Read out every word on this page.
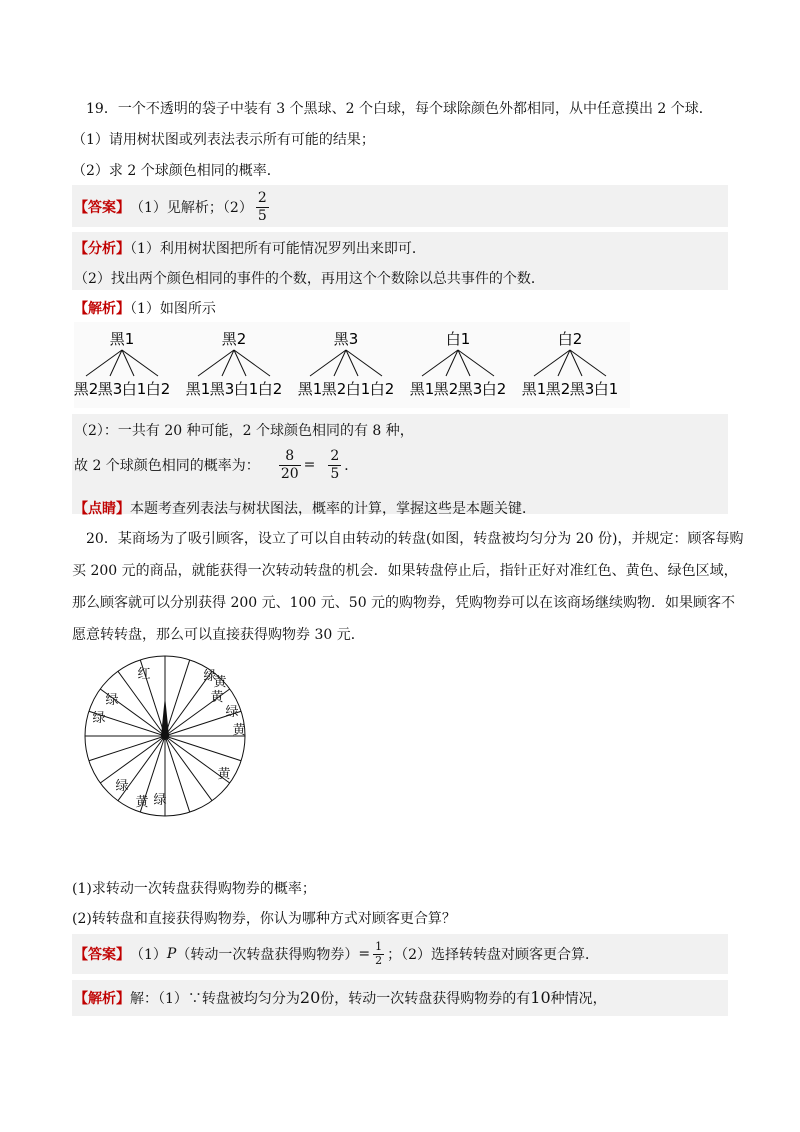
19．一个不透明的袋子中装有 3 个黑球、2 个白球，每个球除颜色外都相同，从中任意摸出 2 个球．
（1）请用树状图或列表法表示所有可能的结果；
（2）求 2 个球颜色相同的概率．
【答案】 （1）见解析；$(2) \frac{2}{5}$
【分析】（1）利用树状图把所有可能情况罗列出来即可．
（2）找出两个颜色相同的事件的个数，再用这个个数除以总共事件的个数．
【解析】（1）如图所示
黑1
黑2 黑3 白1 白2
黑2
黑1 黑3 白1 白2
黑3
黑1 黑2 白1 白2
白1
黑1 黑2 黑3 白2
白2
黑1 黑2 黑3 白1
（2）：一共有 20 种可能，2 个球颜色相同的有 8 种，
故 2 个球颜色相同的概率为： $\frac{8}{20} = \frac{2}{5}$ ．
【点睛】本题考查列表法与树状图法，概率的计算，掌握这些是本题关键．
20．某商场为了吸引顾客，设立了可以自由转动的转盘(如图，转盘被均匀分为 20 份)，并规定：顾客每购
买 200 元的商品，就能获得一次转动转盘的机会．如果转盘停止后，指针正好对准红色、黄色、绿色区域，
那么顾客就可以分别获得 200 元、100 元、50 元的购物券，凭购物券可以在该商场继续购物．如果顾客不
愿意转转盘，那么可以直接获得购物券 30 元．
红
绿	黄
绿
黄
黄
绿
黄
绿
绿
绿
黄
(1)求转动一次转盘获得购物券的概率；
(2)转转盘和直接获得购物券，你认为哪种方式对顾客更合算？
【答案】 （1） P （转动一次转盘获得购物券） = $\frac{1}{2}$ ；（2）选择转转盘对顾客更合算．
【解析】解：（1）∵转盘被均匀分为20份，转动一次转盘获得购物券的有10种情况，
